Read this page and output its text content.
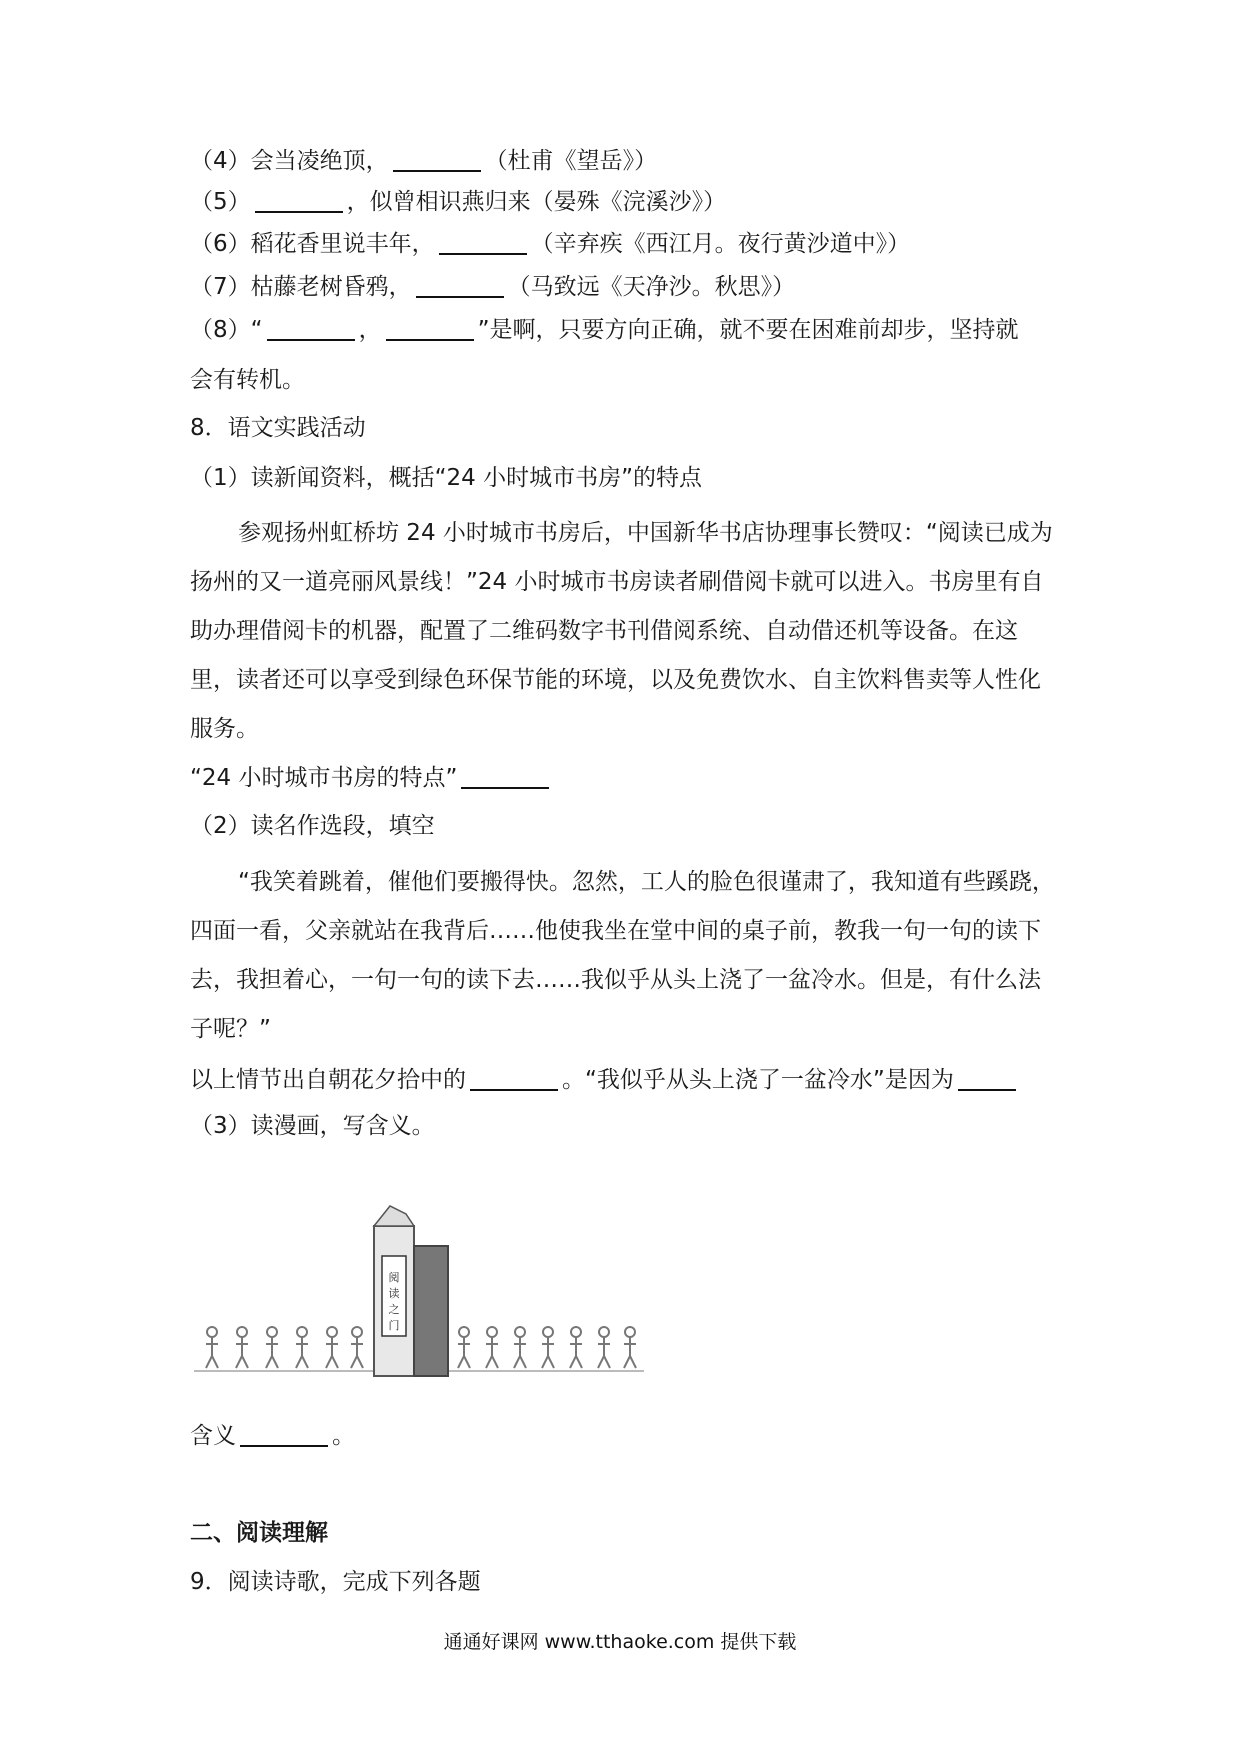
（4）会当凌绝顶，	（杜甫《望岳》）
（5）	，似曾相识燕归来（晏殊《浣溪沙》）
（6）稻花香里说丰年，	（辛弃疾《西江月。夜行黄沙道中》）
（7）枯藤老树昏鸦，	（马致远《天净沙。秋思》）
（8）“	，	”是啊，只要方向正确，就不要在困难前却步，坚持就
会有转机。
8．语文实践活动
（1）读新闻资料，概括“24 小时城市书房”的特点
参观扬州虹桥坊 24 小时城市书房后，中国新华书店协理事长赞叹：“阅读已成为扬州的又一道亮丽风景线！”24 小时城市书房读者刷借阅卡就可以进入。书房里有自助办理借阅卡的机器，配置了二维码数字书刊借阅系统、自动借还机等设备。在这里，读者还可以享受到绿色环保节能的环境，以及免费饮水、自主饮料售卖等人性化服务。
“24 小时城市书房的特点”
（2）读名作选段，填空
“我笑着跳着，催他们要搬得快。忽然，工人的脸色很谨肃了，我知道有些蹊跷，四面一看，父亲就站在我背后……他使我坐在堂中间的桌子前，教我一句一句的读下去，我担着心，一句一句的读下去……我似乎从头上浇了一盆冷水。但是，有什么法子呢？”
以上情节出自朝花夕拾中的	。“我似乎从头上浇了一盆冷水”是因为
（3）读漫画，写含义。
阅读之门
含义	。
二、阅读理解
9．阅读诗歌，完成下列各题
通通好课网 www.tthaoke.com 提供下载
